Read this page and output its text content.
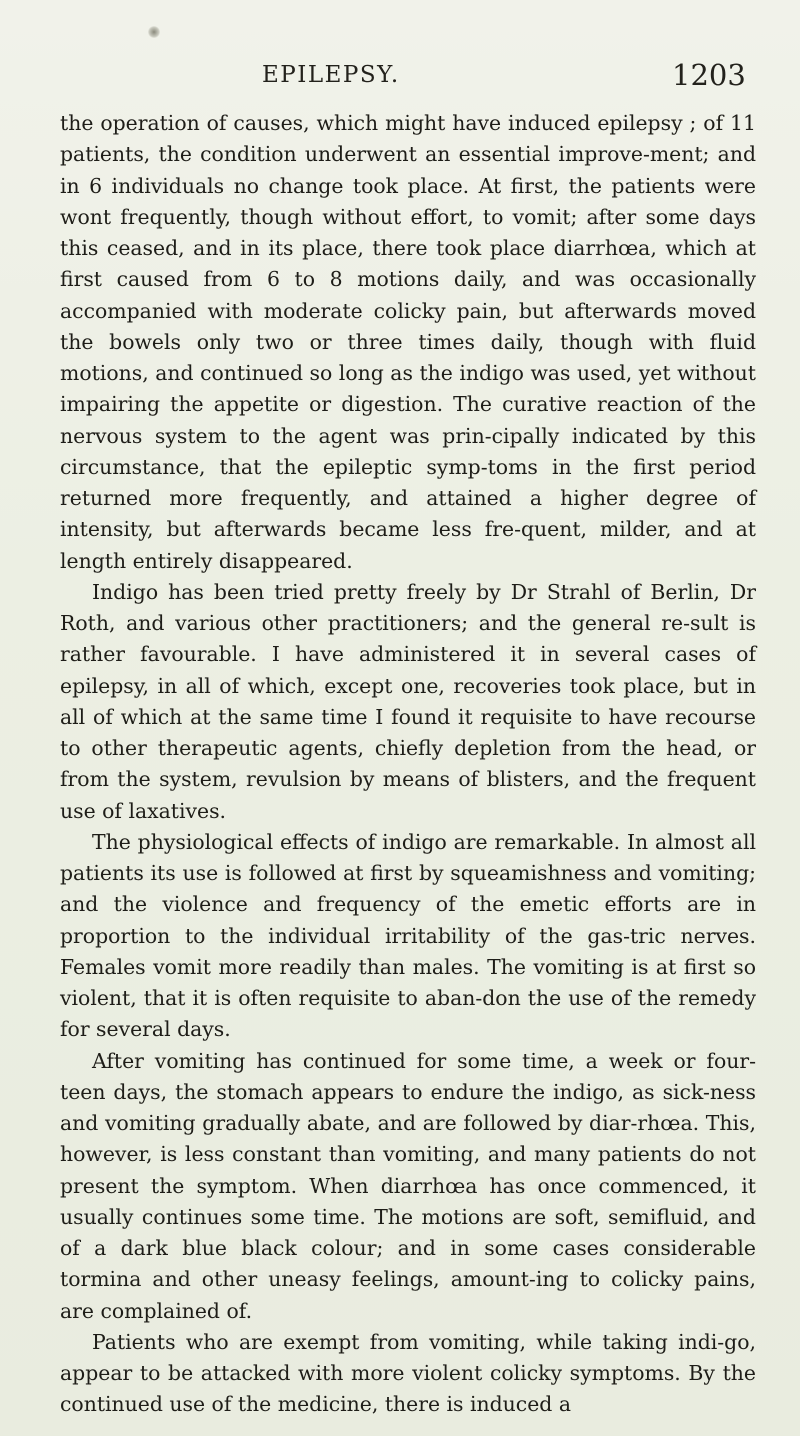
EPILEPSY.	1203

the operation of causes, which might have induced epilepsy ; of 11 patients, the condition underwent an essential improve-ment; and in 6 individuals no change took place. At first, the patients were wont frequently, though without effort, to vomit; after some days this ceased, and in its place, there took place diarrhœa, which at first caused from 6 to 8 motions daily, and was occasionally accompanied with moderate colicky pain, but afterwards moved the bowels only two or three times daily, though with fluid motions, and continued so long as the indigo was used, yet without impairing the appetite or digestion. The curative reaction of the nervous system to the agent was prin-cipally indicated by this circumstance, that the epileptic symp-toms in the first period returned more frequently, and attained a higher degree of intensity, but afterwards became less fre-quent, milder, and at length entirely disappeared.

Indigo has been tried pretty freely by Dr Strahl of Berlin, Dr Roth, and various other practitioners; and the general re-sult is rather favourable. I have administered it in several cases of epilepsy, in all of which, except one, recoveries took place, but in all of which at the same time I found it requisite to have recourse to other therapeutic agents, chiefly depletion from the head, or from the system, revulsion by means of blisters, and the frequent use of laxatives.

The physiological effects of indigo are remarkable. In almost all patients its use is followed at first by squeamishness and vomiting; and the violence and frequency of the emetic efforts are in proportion to the individual irritability of the gas-tric nerves. Females vomit more readily than males. The vomiting is at first so violent, that it is often requisite to aban-don the use of the remedy for several days.

After vomiting has continued for some time, a week or four-teen days, the stomach appears to endure the indigo, as sick-ness and vomiting gradually abate, and are followed by diar-rhœa. This, however, is less constant than vomiting, and many patients do not present the symptom. When diarrhœa has once commenced, it usually continues some time. The motions are soft, semifluid, and of a dark blue black colour; and in some cases considerable tormina and other uneasy feelings, amount-ing to colicky pains, are complained of.

Patients who are exempt from vomiting, while taking indi-go, appear to be attacked with more violent colicky symptoms. By the continued use of the medicine, there is induced a
